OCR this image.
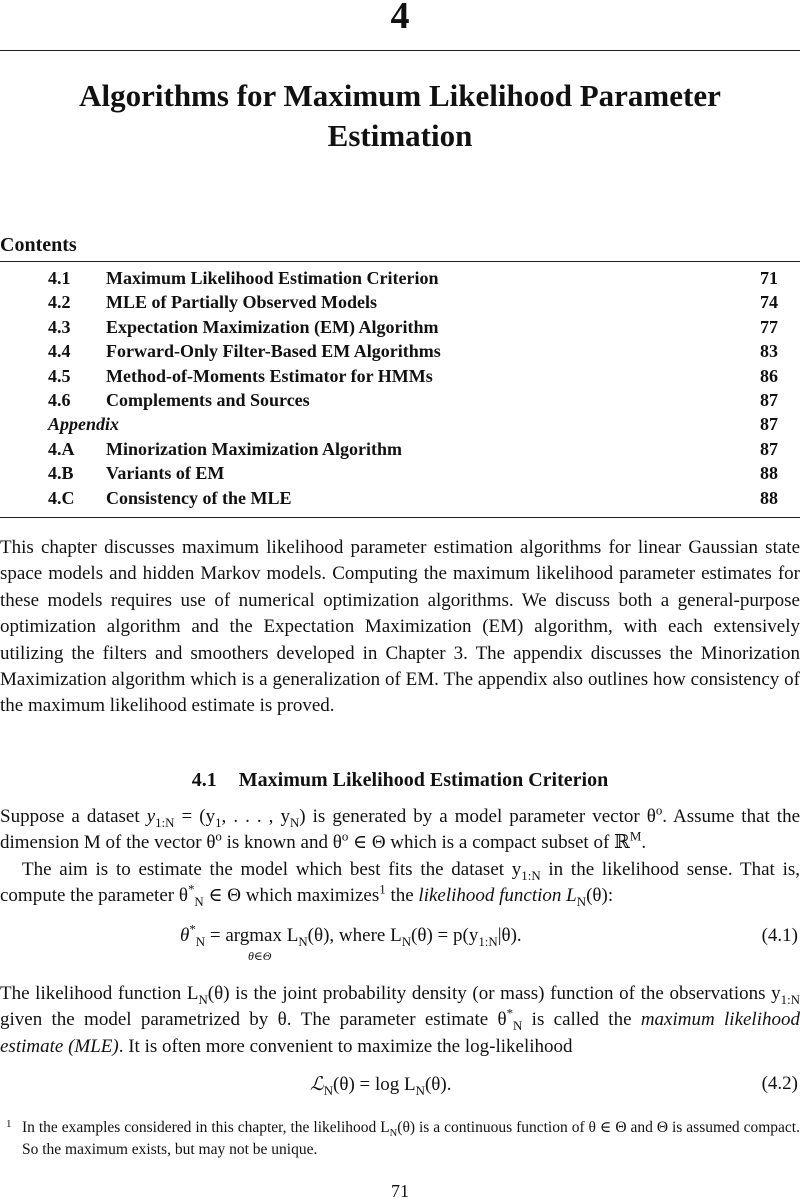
4
Algorithms for Maximum Likelihood Parameter Estimation
Contents
4.1 Maximum Likelihood Estimation Criterion	71
4.2 MLE of Partially Observed Models	74
4.3 Expectation Maximization (EM) Algorithm	77
4.4 Forward-Only Filter-Based EM Algorithms	83
4.5 Method-of-Moments Estimator for HMMs	86
4.6 Complements and Sources	87
Appendix	87
4.A Minorization Maximization Algorithm	87
4.B Variants of EM	88
4.C Consistency of the MLE	88
This chapter discusses maximum likelihood parameter estimation algorithms for linear Gaussian state space models and hidden Markov models. Computing the maximum likelihood parameter estimates for these models requires use of numerical optimization algorithms. We discuss both a general-purpose optimization algorithm and the Expectation Maximization (EM) algorithm, with each extensively utilizing the filters and smoothers developed in Chapter 3. The appendix discusses the Minorization Maximization algorithm which is a generalization of EM. The appendix also outlines how consistency of the maximum likelihood estimate is proved.
4.1 Maximum Likelihood Estimation Criterion
Suppose a dataset $y_{1:N} = (y_1$, . . . , $y_N$) is generated by a model parameter vector $\theta^o$. Assume that the dimension M of the vector $\theta^o$ is known and $\theta^o$ ∈ Θ which is a compact subset of ℝ$^M$.
The aim is to estimate the model which best fits the dataset $y_{1:N}$ in the likelihood sense. That is, compute the parameter $\theta^*_N$ ∈ Θ which maximizes$^1$ the likelihood function $L_N(\theta)$:
$\theta^*_N = argmax$ $L_N(\theta)$, where $L_N(\theta) = p(y_{1:N}|\theta)$.
θ∈Θ
(4.1)
The likelihood function $L_N(\theta)$ is the joint probability density (or mass) function of the observations $y_{1:N}$ given the model parametrized by θ. The parameter estimate $\theta^*_N$ is called the maximum likelihood estimate (MLE). It is often more convenient to maximize the log-likelihood
ℒ$_N$(θ) = $\log L_N(\theta)$.	(4.2)
1 In the examples considered in this chapter, the likelihood $L_N(\theta)$ is a continuous function of θ ∈ Θ and Θ is assumed compact. So the maximum exists, but may not be unique.
71
